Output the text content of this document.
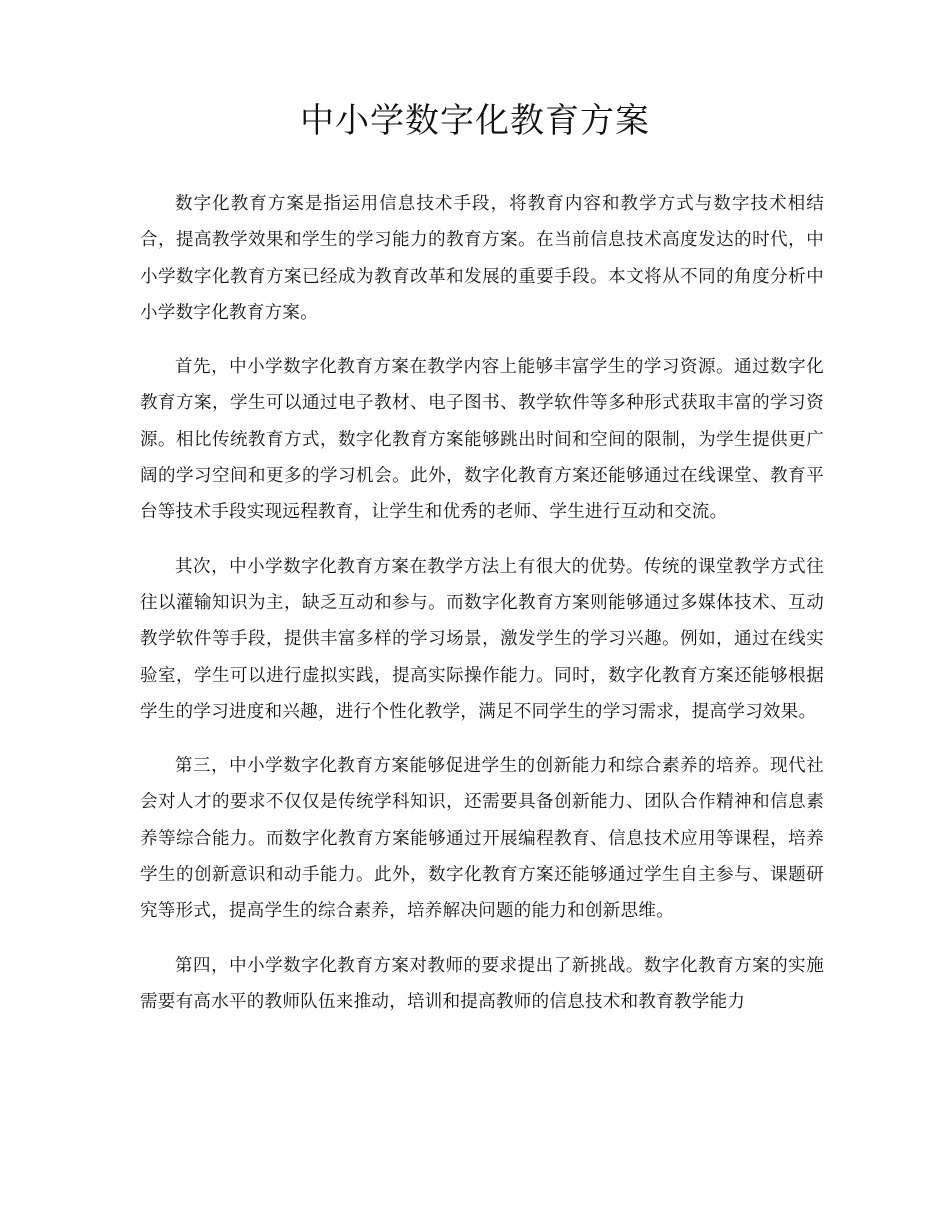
中小学数字化教育方案

数字化教育方案是指运用信息技术手段，将教育内容和教学方式与数字技术相结合，提高教学效果和学生的学习能力的教育方案。在当前信息技术高度发达的时代，中小学数字化教育方案已经成为教育改革和发展的重要手段。本文将从不同的角度分析中小学数字化教育方案。

首先，中小学数字化教育方案在教学内容上能够丰富学生的学习资源。通过数字化教育方案，学生可以通过电子教材、电子图书、教学软件等多种形式获取丰富的学习资源。相比传统教育方式，数字化教育方案能够跳出时间和空间的限制，为学生提供更广阔的学习空间和更多的学习机会。此外，数字化教育方案还能够通过在线课堂、教育平台等技术手段实现远程教育，让学生和优秀的老师、学生进行互动和交流。

其次，中小学数字化教育方案在教学方法上有很大的优势。传统的课堂教学方式往往以灌输知识为主，缺乏互动和参与。而数字化教育方案则能够通过多媒体技术、互动教学软件等手段，提供丰富多样的学习场景，激发学生的学习兴趣。例如，通过在线实验室，学生可以进行虚拟实践，提高实际操作能力。同时，数字化教育方案还能够根据学生的学习进度和兴趣，进行个性化教学，满足不同学生的学习需求，提高学习效果。

第三，中小学数字化教育方案能够促进学生的创新能力和综合素养的培养。现代社会对人才的要求不仅仅是传统学科知识，还需要具备创新能力、团队合作精神和信息素养等综合能力。而数字化教育方案能够通过开展编程教育、信息技术应用等课程，培养学生的创新意识和动手能力。此外，数字化教育方案还能够通过学生自主参与、课题研究等形式，提高学生的综合素养，培养解决问题的能力和创新思维。

第四，中小学数字化教育方案对教师的要求提出了新挑战。数字化教育方案的实施需要有高水平的教师队伍来推动，培训和提高教师的信息技术和教育教学能力
